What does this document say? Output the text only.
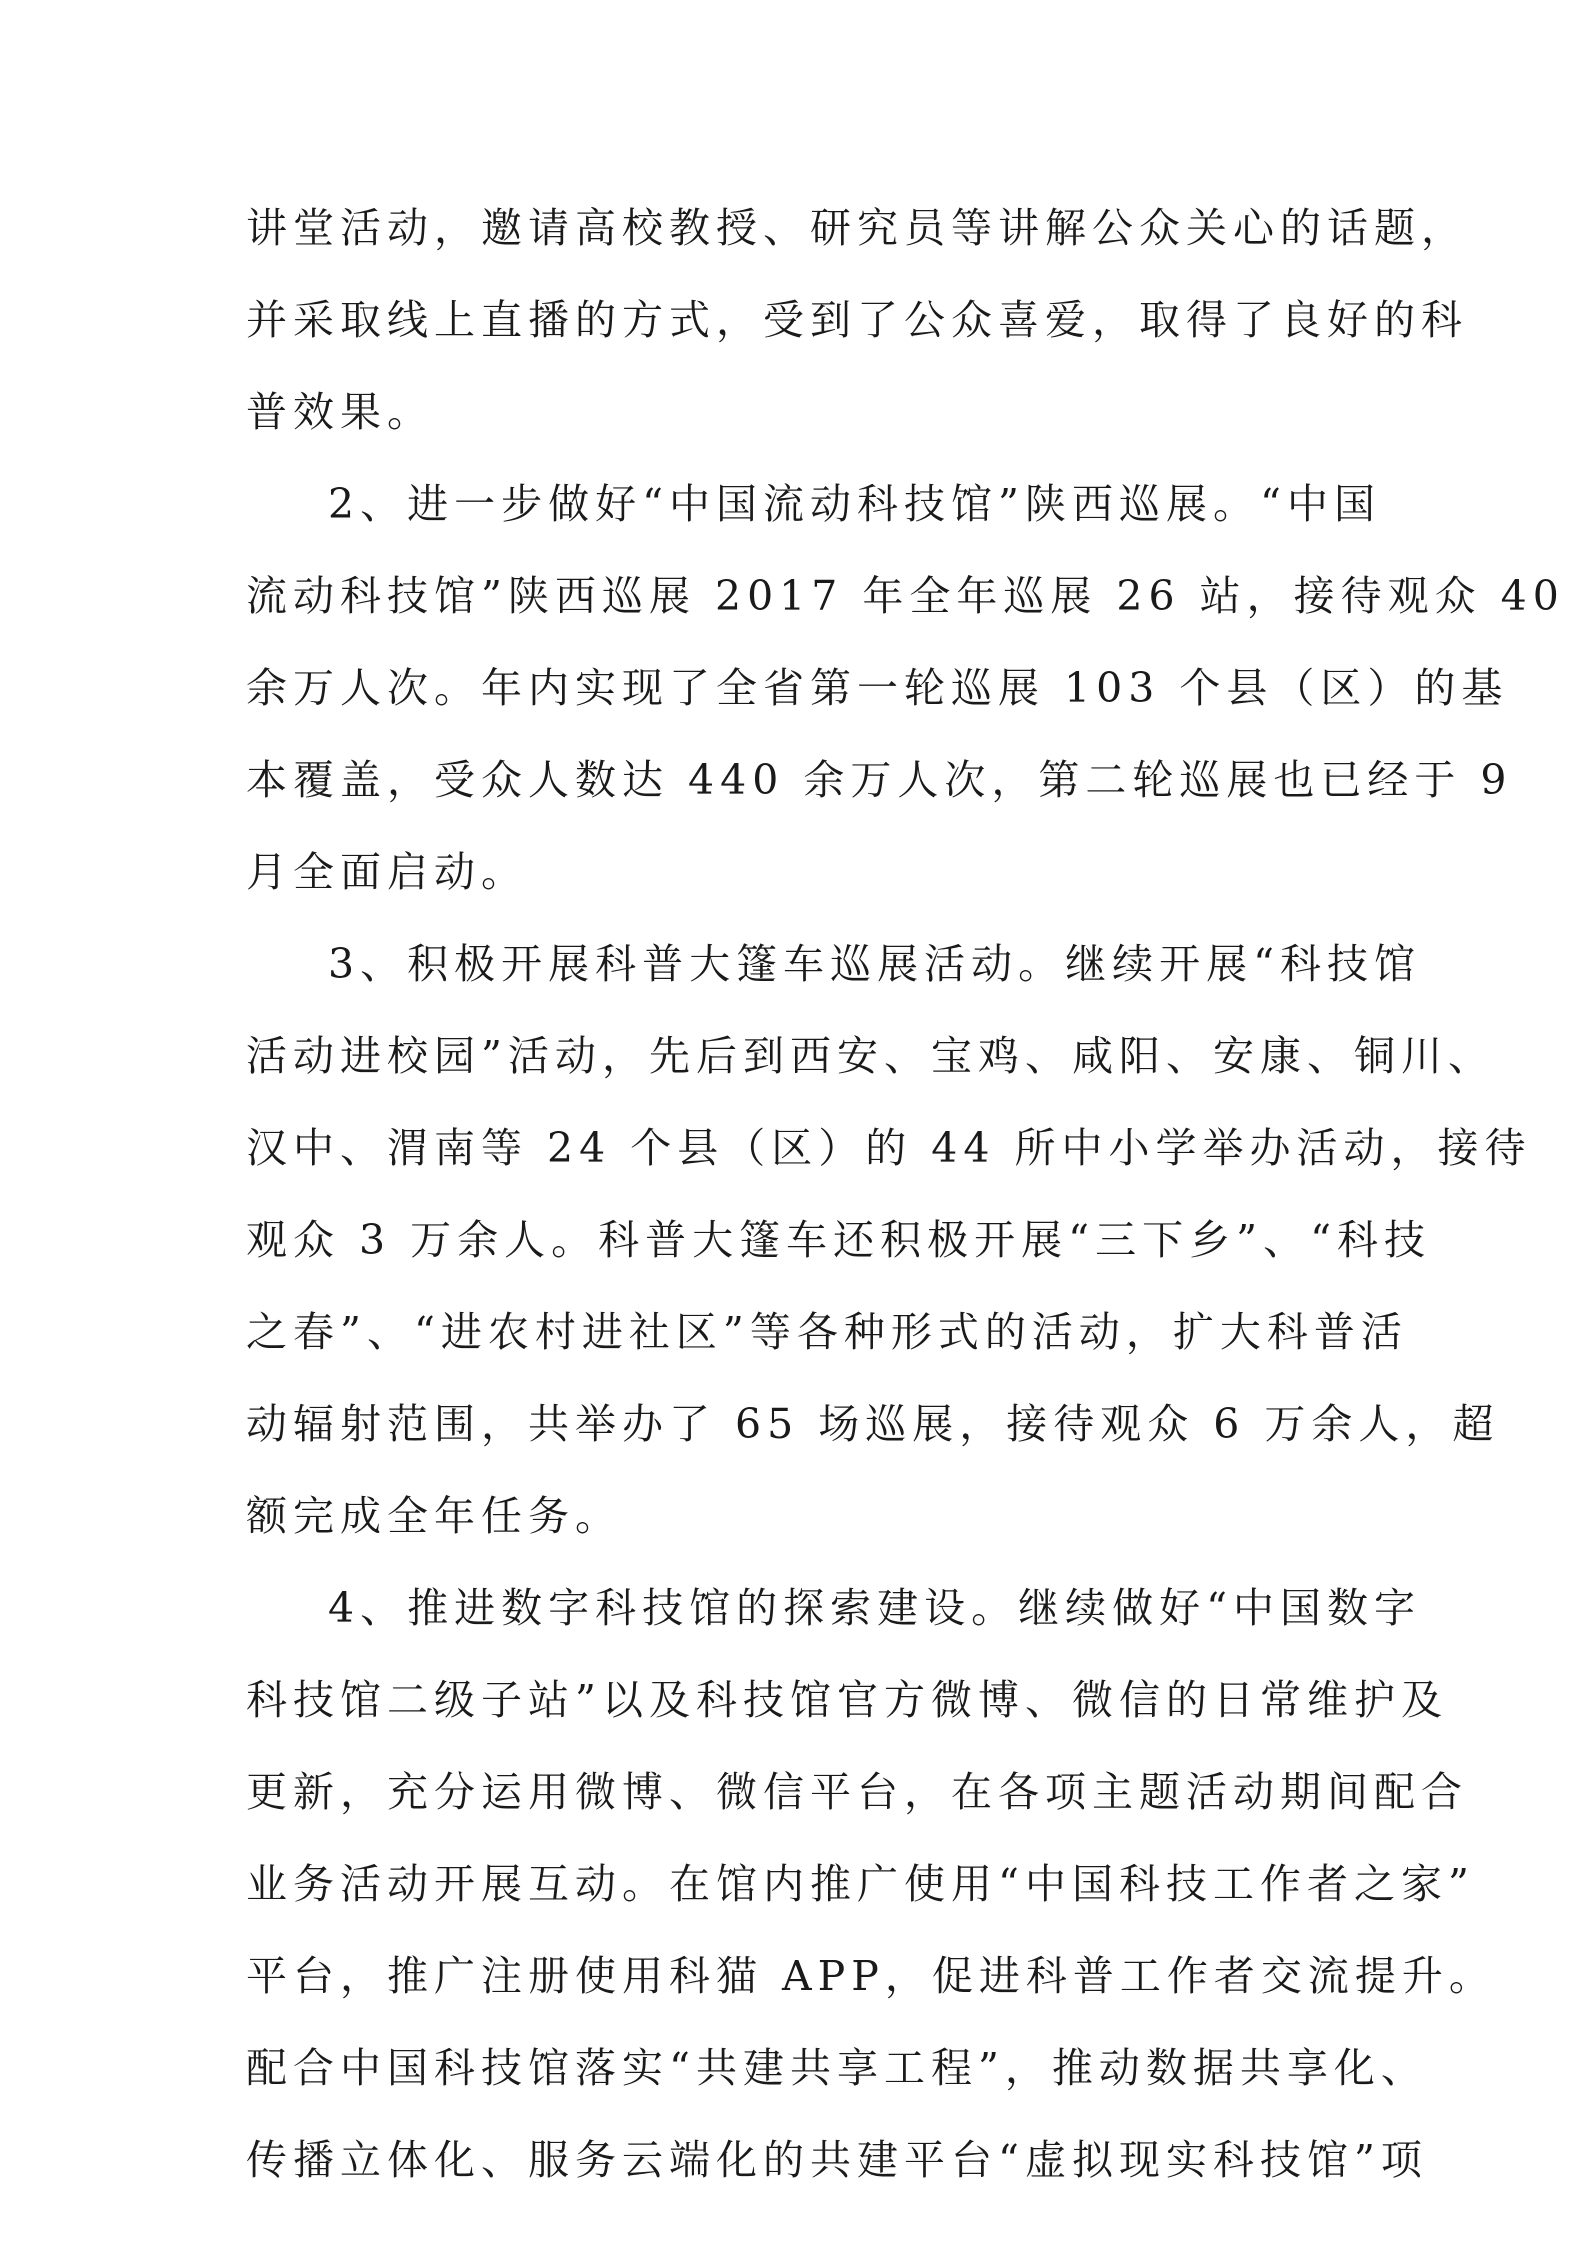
讲堂活动，邀请高校教授、研究员等讲解公众关心的话题，
并采取线上直播的方式，受到了公众喜爱，取得了良好的科
普效果。
2、进一步做好“中国流动科技馆”陕西巡展。“中国
流动科技馆”陕西巡展 2017 年全年巡展 26 站，接待观众 40
余万人次。年内实现了全省第一轮巡展 103 个县（区）的基
本覆盖，受众人数达 440 余万人次，第二轮巡展也已经于 9
月全面启动。
3、积极开展科普大篷车巡展活动。继续开展“科技馆
活动进校园”活动，先后到西安、宝鸡、咸阳、安康、铜川、
汉中、渭南等 24 个县（区）的 44 所中小学举办活动，接待
观众 3 万余人。科普大篷车还积极开展“三下乡”、“科技
之春”、“进农村进社区”等各种形式的活动，扩大科普活
动辐射范围，共举办了 65 场巡展，接待观众 6 万余人，超
额完成全年任务。
4、推进数字科技馆的探索建设。继续做好“中国数字
科技馆二级子站”以及科技馆官方微博、微信的日常维护及
更新，充分运用微博、微信平台，在各项主题活动期间配合
业务活动开展互动。在馆内推广使用“中国科技工作者之家”
平台，推广注册使用科猫 APP，促进科普工作者交流提升。
配合中国科技馆落实“共建共享工程”，推动数据共享化、
传播立体化、服务云端化的共建平台“虚拟现实科技馆”项
